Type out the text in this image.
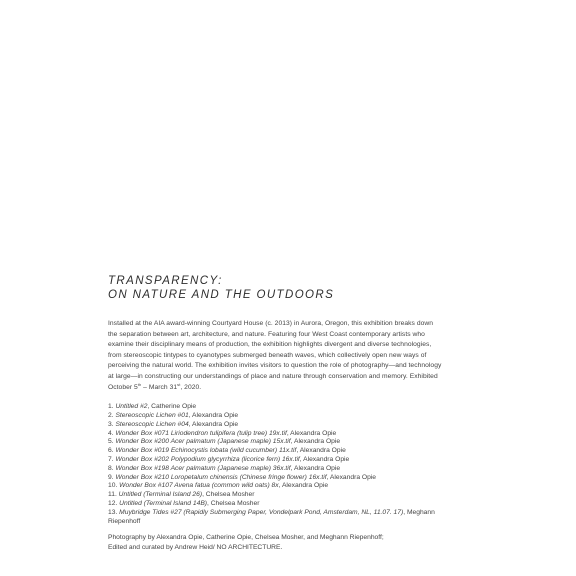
TRANSPARENCY:
ON NATURE AND THE OUTDOORS

Installed at the AIA award-winning Courtyard House (c. 2013) in Aurora, Oregon, this exhibition breaks down the separation between art, architecture, and nature. Featuring four West Coast contemporary artists who examine their disciplinary means of production, the exhibition highlights divergent and diverse technologies, from stereoscopic tintypes to cyanotypes submerged beneath waves, which collectively open new ways of perceiving the natural world. The exhibition invites visitors to question the role of photography—and technology at large—in constructing our understandings of place and nature through conservation and memory. Exhibited October 5th – March 31st, 2020.

1. Untitled #2, Catherine Opie
2. Stereoscopic Lichen #01, Alexandra Opie
3. Stereoscopic Lichen #04, Alexandra Opie
4. Wonder Box #071 Liriodendron tulipifera (tulip tree) 19x.tif, Alexandra Opie
5. Wonder Box #200 Acer palmatum (Japanese maple) 15x.tif, Alexandra Opie
6. Wonder Box #019 Echinocystis lobata (wild cucumber) 11x.tif, Alexandra Opie
7. Wonder Box #202 Polypodium glycyrrhiza (licorice fern) 16x.tif, Alexandra Opie
8. Wonder Box #198 Acer palmatum (Japanese maple) 36x.tif, Alexandra Opie
9. Wonder Box #210 Loropetalum chinensis (Chinese fringe flower) 16x.tif, Alexandra Opie
10. Wonder Box #107 Avena fatua (common wild oats) 8x, Alexandra Opie
11. Untitled (Terminal Island 26), Chelsea Mosher
12. Untitled (Terminal Island 14B), Chelsea Mosher
13. Muybridge Tides #27 (Rapidly Submerging Paper, Vondelpark Pond, Amsterdam, NL, 11.07. 17), Meghann Riepenhoff

Photography by Alexandra Opie, Catherine Opie, Chelsea Mosher, and Meghann Riepenhoff;
Edited and curated by Andrew Heid/ NO ARCHITECTURE.
